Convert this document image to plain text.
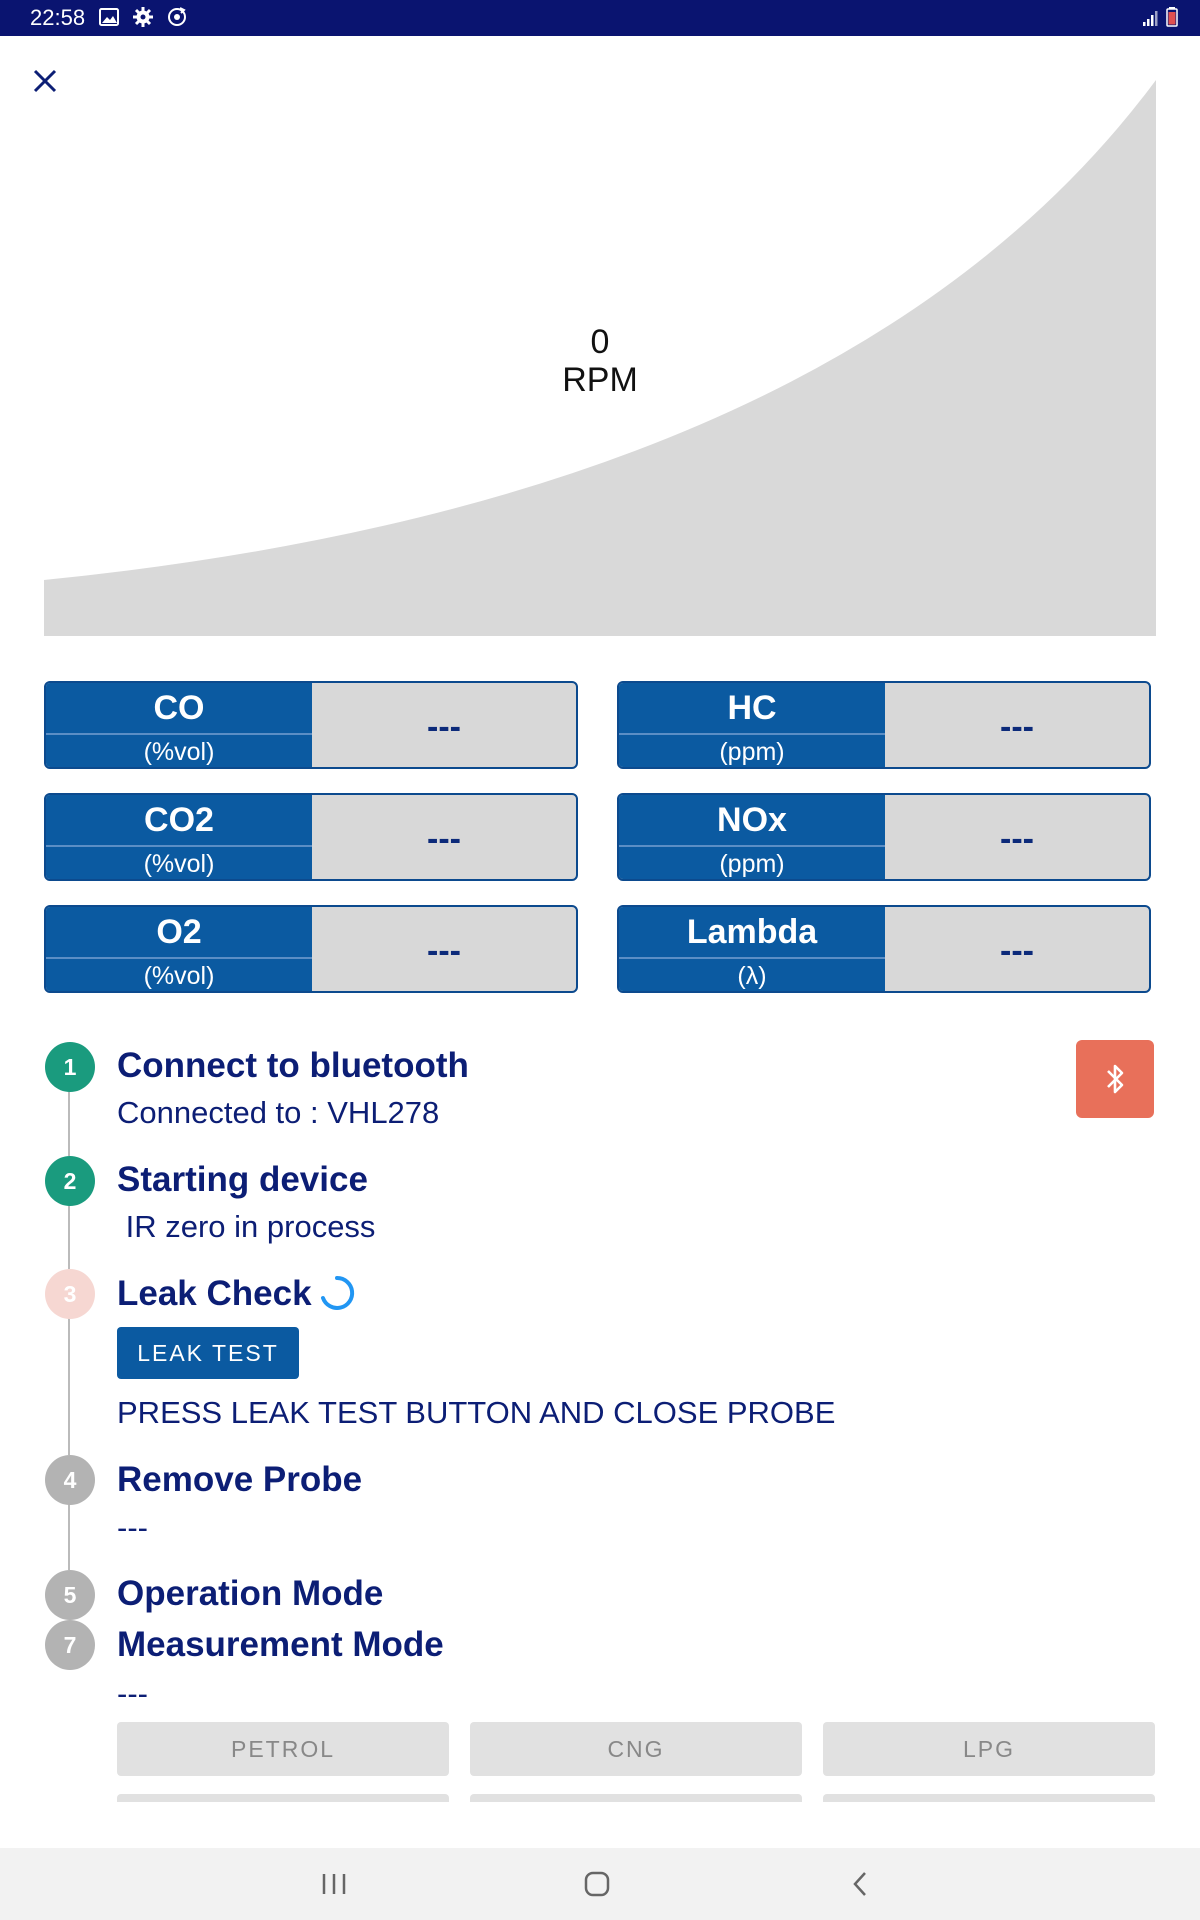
22:58
0
RPM
CO
(%vol)
---	HC
(ppm)
---
CO2
(%vol)
---	NOx
(ppm)
---
O2
(%vol)
---	Lambda
(λ)
---
1	Connect to bluetooth
Connected to : VHL278
2	Starting device
IR zero in process
3	Leak Check
LEAK TEST
PRESS LEAK TEST BUTTON AND CLOSE PROBE
4	Remove Probe
---
5	Operation Mode
7	Measurement Mode
---
PETROL	CNG	LPG
